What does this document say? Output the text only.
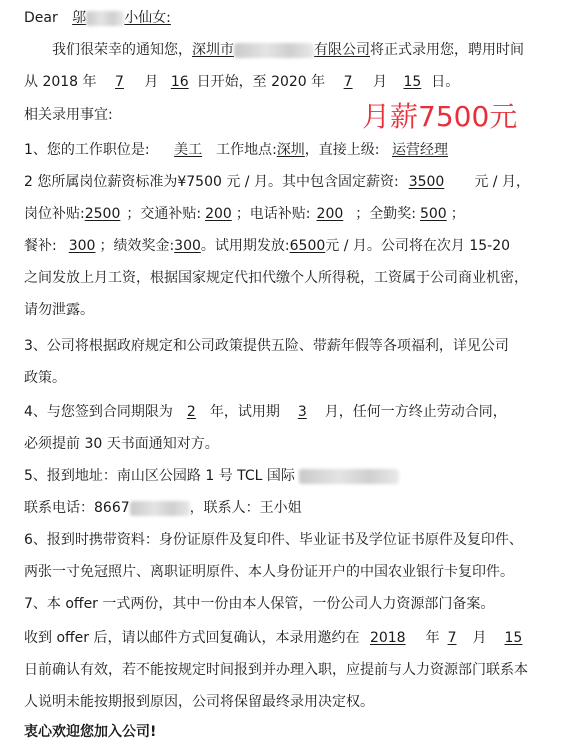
Dear 邬	小仙女:
我们很荣幸的通知您，深圳市	有限公司将正式录用您，聘用时间
从 2018 年 7 月 16 日开始，至 2020 年 7 月 15 日。
相关录用事宜:	月薪7500元
1、您的工作职位是: 美工 工作地点:深圳，直接上级: 运营经理
2 您所属岗位薪资标准为¥7500 元 / 月。其中包含固定薪资: 3500 元 / 月，
岗位补贴:2500 ；交通补贴: 200 ；电话补贴: 200 ；全勤奖: 500 ；
餐补: 300 ；绩效奖金:300。试用期发放:6500元 / 月。公司将在次月 15-20
之间发放上月工资，根据国家规定代扣代缴个人所得税，工资属于公司商业机密，
请勿泄露。
3、公司将根据政府规定和公司政策提供五险、带薪年假等各项福利，详见公司
政策。
4、与您签到合同期限为 2 年，试用期 3 月，任何一方终止劳动合同，
必须提前 30 天书面通知对方。
5、报到地址：南山区公园路 1 号 TCL 国际
联系电话：8667	，联系人：王小姐
6、报到时携带资料：身份证原件及复印件、毕业证书及学位证书原件及复印件、
两张一寸免冠照片、离职证明原件、本人身份证开户的中国农业银行卡复印件。
7、本 offer 一式两份，其中一份由本人保管，一份公司人力资源部门备案。
收到 offer 后，请以邮件方式回复确认，本录用邀约在 2018 年 7 月 15
日前确认有效，若不能按规定时间报到并办理入职，应提前与人力资源部门联系本
人说明未能按期报到原因，公司将保留最终录用决定权。
衷心欢迎您加入公司!
